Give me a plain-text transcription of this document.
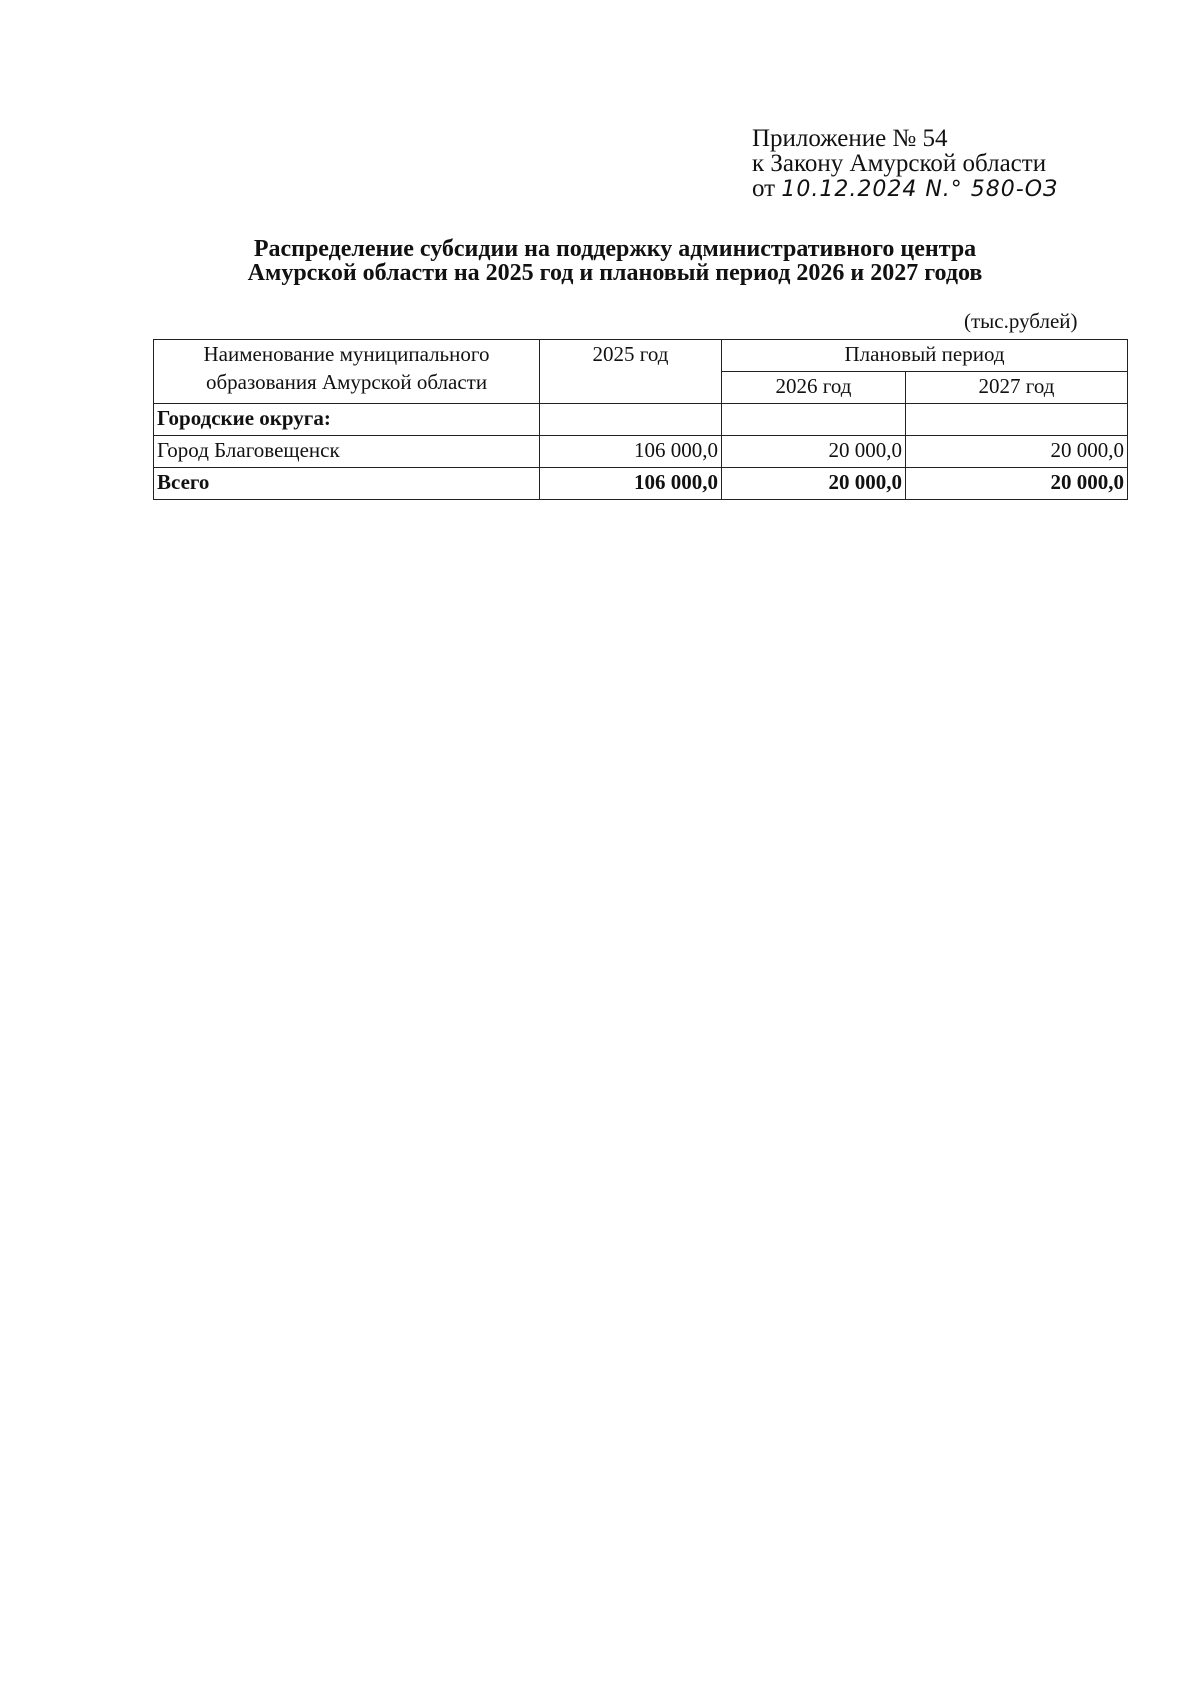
Приложение № 54
к Закону Амурской области
от 10.12.2024 N.° 580-ОЗ
Распределение субсидии на поддержку административного центра
Амурской области на 2025 год и плановый период 2026 и 2027 годов
(тыс.рублей)
Наименование муниципального образования Амурской области	2025 год	Плановый период	
		2026 год	2027 год
Городские округа:			
Город Благовещенск	106 000,0	20 000,0	20 000,0
Всего	106 000,0	20 000,0	20 000,0
